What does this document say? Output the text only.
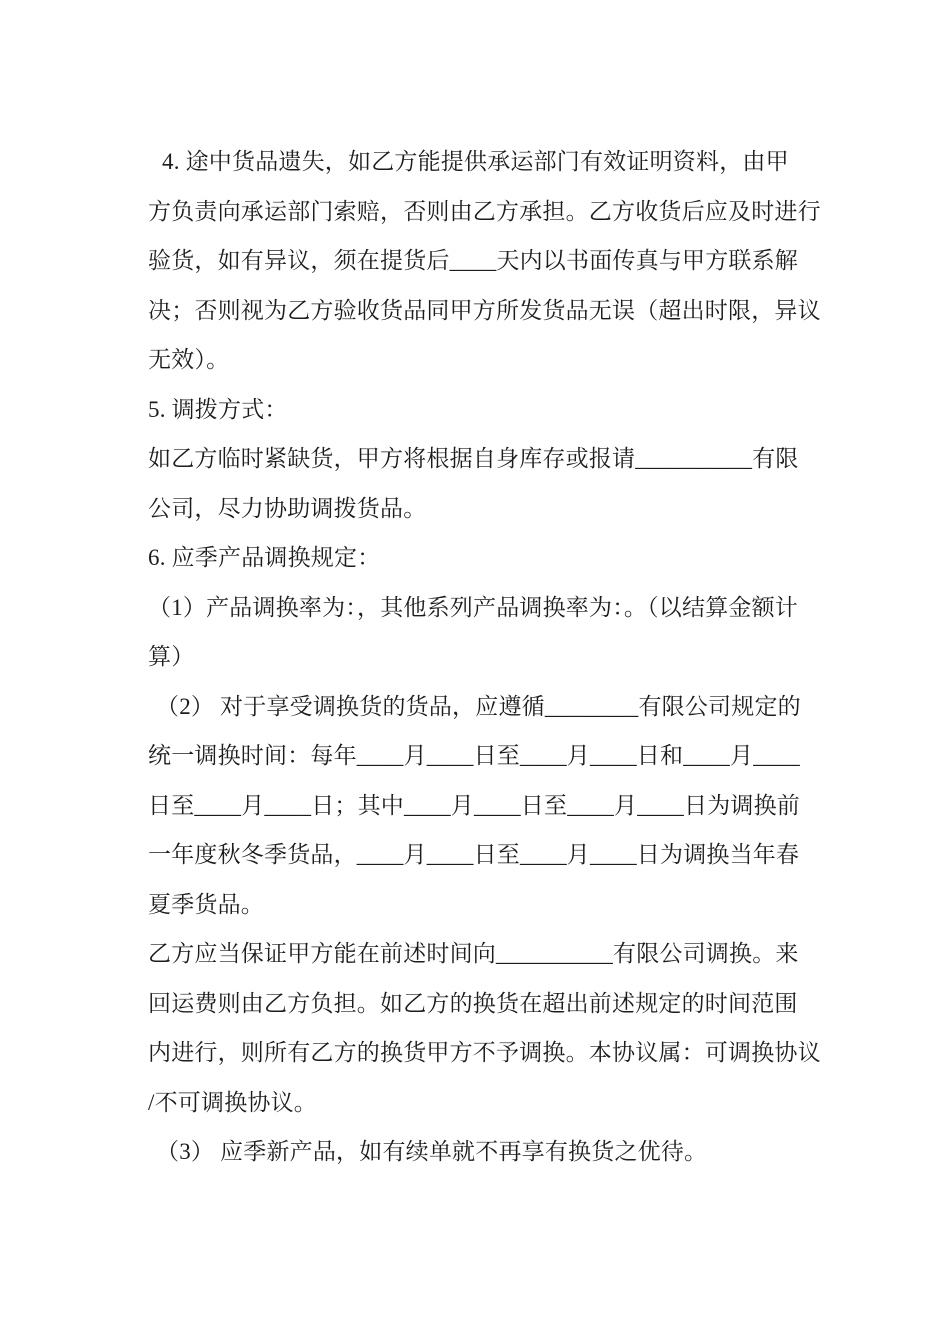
4. 途中货品遗失，如乙方能提供承运部门有效证明资料，由甲
方负责向承运部门索赔，否则由乙方承担。乙方收货后应及时进行
验货，如有异议，须在提货后____天内以书面传真与甲方联系解
决；否则视为乙方验收货品同甲方所发货品无误（超出时限，异议
无效）。
5. 调拨方式：
如乙方临时紧缺货，甲方将根据自身库存或报请__________有限
公司，尽力协助调拨货品。
6. 应季产品调换规定：
（1）产品调换率为：，其他系列产品调换率为：。（以结算金额计
算）
（2） 对于享受调换货的货品，应遵循________有限公司规定的
统一调换时间：每年____月____日至____月____日和____月____
日至____月____日；其中____月____日至____月____日为调换前
一年度秋冬季货品，____月____日至____月____日为调换当年春
夏季货品。
乙方应当保证甲方能在前述时间向__________有限公司调换。来
回运费则由乙方负担。如乙方的换货在超出前述规定的时间范围
内进行，则所有乙方的换货甲方不予调换。本协议属：可调换协议
/不可调换协议。
（3） 应季新产品，如有续单就不再享有换货之优待。
